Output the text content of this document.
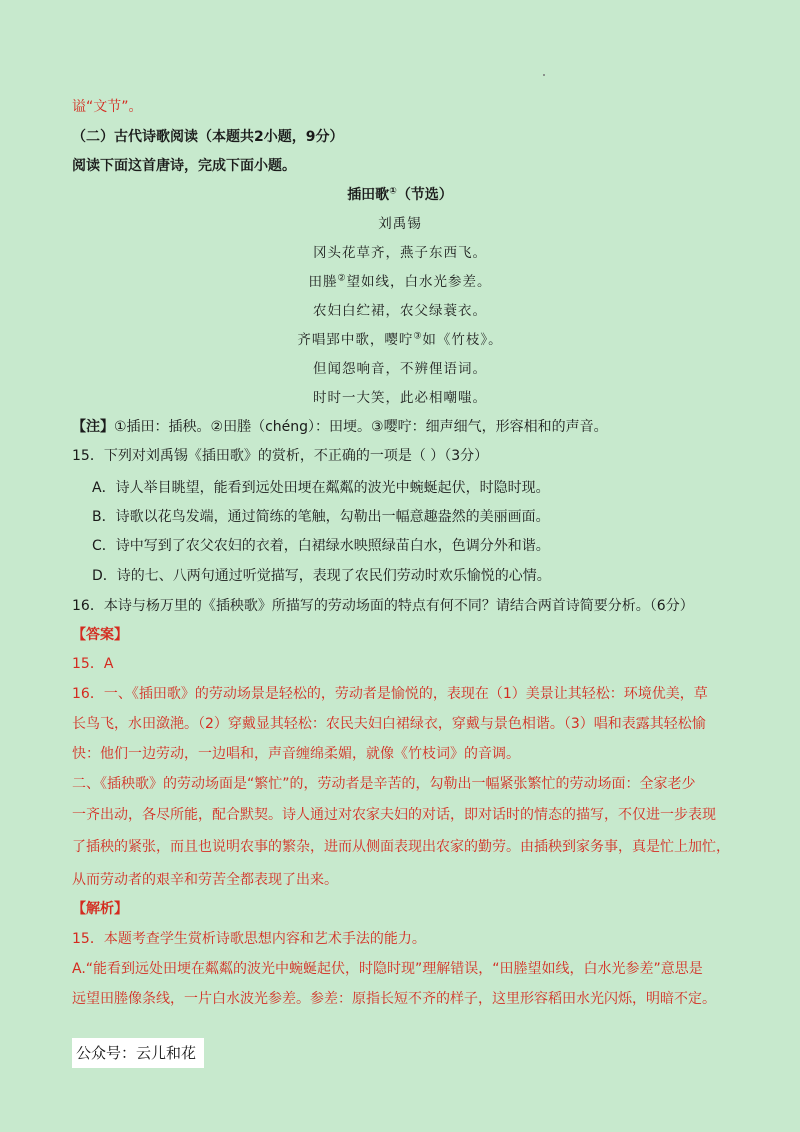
谥“文节”。
（二）古代诗歌阅读（本题共2小题，9分）
阅读下面这首唐诗，完成下面小题。
插田歌①（节选）
刘禹锡
冈头花草齐，燕子东西飞。
田塍②望如线，白水光参差。
农妇白纻裙，农父绿蓑衣。
齐唱郢中歌，嘤咛③如《竹枝》。
但闻怨响音，不辨俚语词。
时时一大笑，此必相嘲嗤。
【注】①插田：插秧。②田塍（chéng）：田埂。③嘤咛：细声细气，形容相和的声音。
15．下列对刘禹锡《插田歌》的赏析，不正确的一项是（ ）（3分）
A．诗人举目眺望，能看到远处田埂在粼粼的波光中蜿蜒起伏，时隐时现。
B．诗歌以花鸟发端，通过简练的笔触，勾勒出一幅意趣盎然的美丽画面。
C．诗中写到了农父农妇的衣着，白裙绿水映照绿苗白水，色调分外和谐。
D．诗的七、八两句通过听觉描写，表现了农民们劳动时欢乐愉悦的心情。
16．本诗与杨万里的《插秧歌》所描写的劳动场面的特点有何不同？请结合两首诗简要分析。（6分）
【答案】
15．A
16．一、《插田歌》的劳动场景是轻松的，劳动者是愉悦的，表现在（1）美景让其轻松：环境优美，草
长鸟飞，水田潋滟。（2）穿戴显其轻松：农民夫妇白裙绿衣，穿戴与景色相谐。（3）唱和表露其轻松愉
快：他们一边劳动，一边唱和，声音缠绵柔媚，就像《竹枝词》的音调。
二、《插秧歌》的劳动场面是“繁忙”的，劳动者是辛苦的，勾勒出一幅紧张繁忙的劳动场面：全家老少
一齐出动，各尽所能，配合默契。诗人通过对农家夫妇的对话，即对话时的情态的描写，不仅进一步表现
了插秧的紧张，而且也说明农事的繁杂，进而从侧面表现出农家的勤劳。由插秧到家务事，真是忙上加忙，
从而劳动者的艰辛和劳苦全都表现了出来。
【解析】
15．本题考查学生赏析诗歌思想内容和艺术手法的能力。
A.“能看到远处田埂在粼粼的波光中蜿蜒起伏，时隐时现”理解错误，“田塍望如线，白水光参差”意思是
远望田塍像条线，一片白水波光参差。参差：原指长短不齐的样子，这里形容稻田水光闪烁，明暗不定。
公众号：云儿和花
